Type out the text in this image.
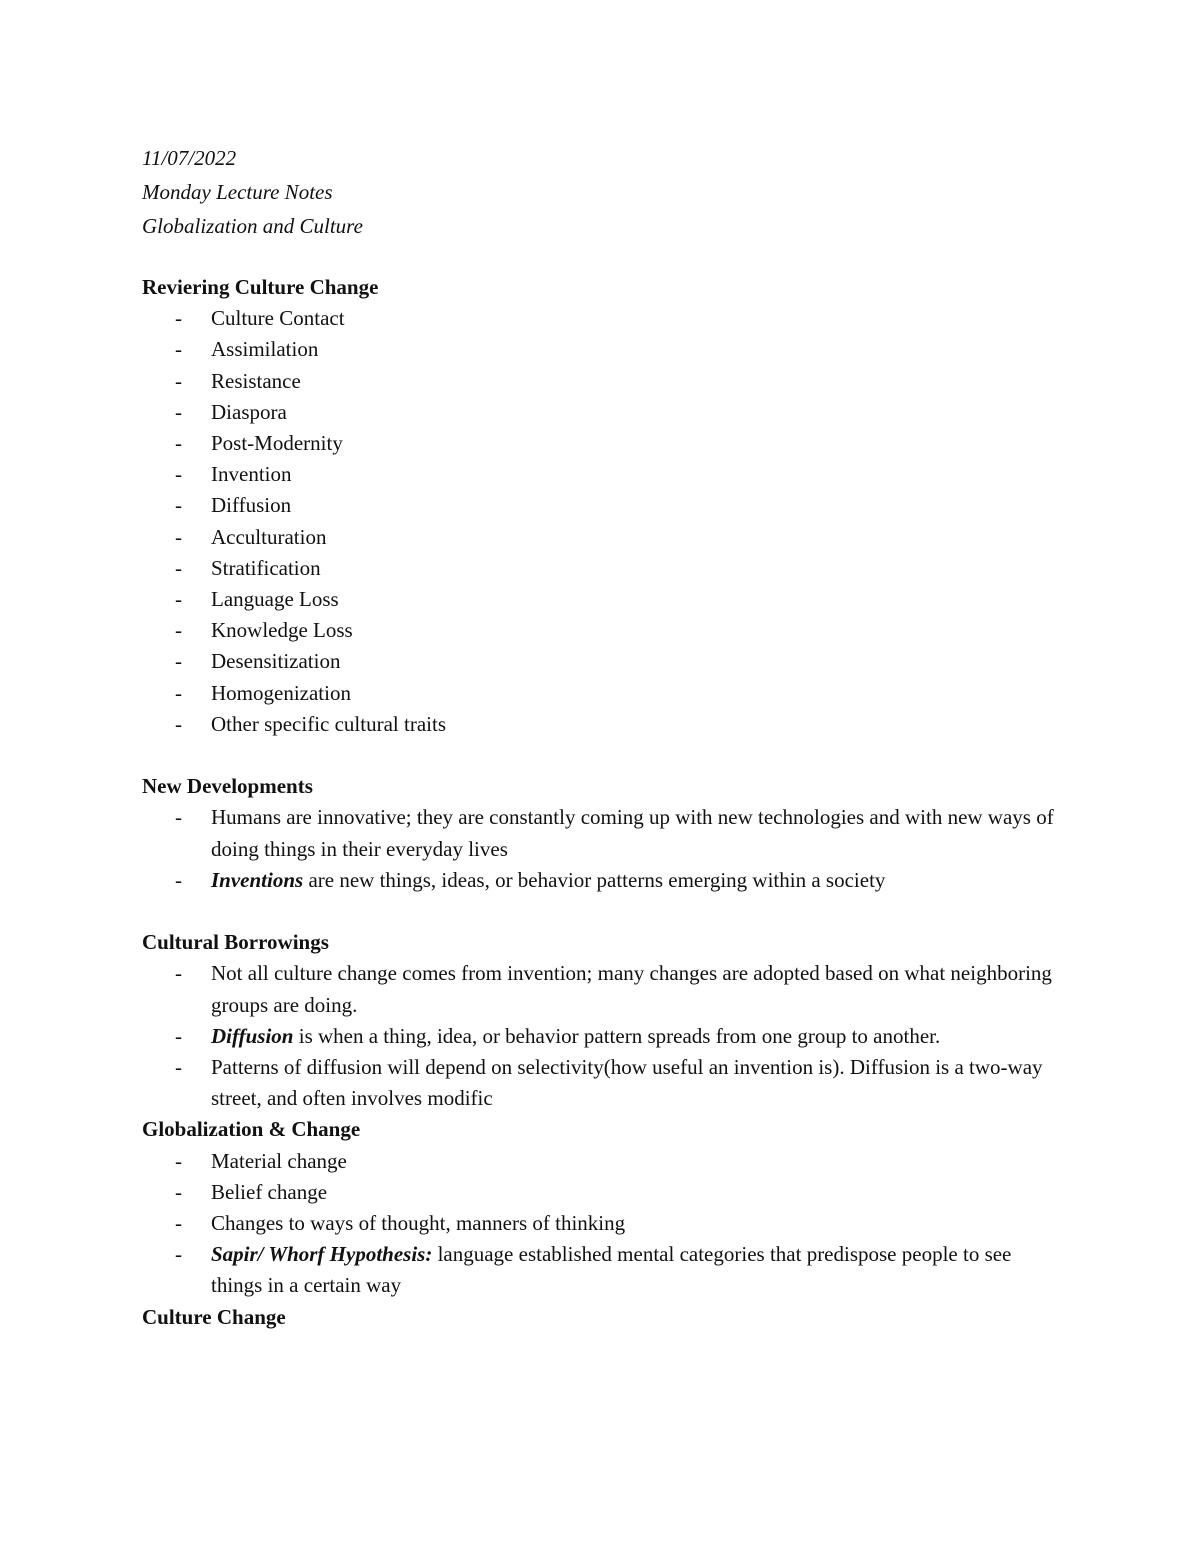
11/07/2022

Monday Lecture Notes

Globalization and Culture

Reviering Culture Change

- Culture Contact
- Assimilation
- Resistance
- Diaspora
- Post-Modernity
- Invention
- Diffusion
- Acculturation
- Stratification
- Language Loss
- Knowledge Loss
- Desensitization
- Homogenization
- Other specific cultural traits

New Developments

- Humans are innovative; they are constantly coming up with new technologies and with new ways of doing things in their everyday lives
- Inventions are new things, ideas, or behavior patterns emerging within a society

Cultural Borrowings

- Not all culture change comes from invention; many changes are adopted based on what neighboring groups are doing.
- Diffusion is when a thing, idea, or behavior pattern spreads from one group to another.
- Patterns of diffusion will depend on selectivity(how useful an invention is). Diffusion is a two-way street, and often involves modific

Globalization & Change

- Material change
- Belief change
- Changes to ways of thought, manners of thinking
- Sapir/ Whorf Hypothesis: language established mental categories that predispose people to see things in a certain way

Culture Change
